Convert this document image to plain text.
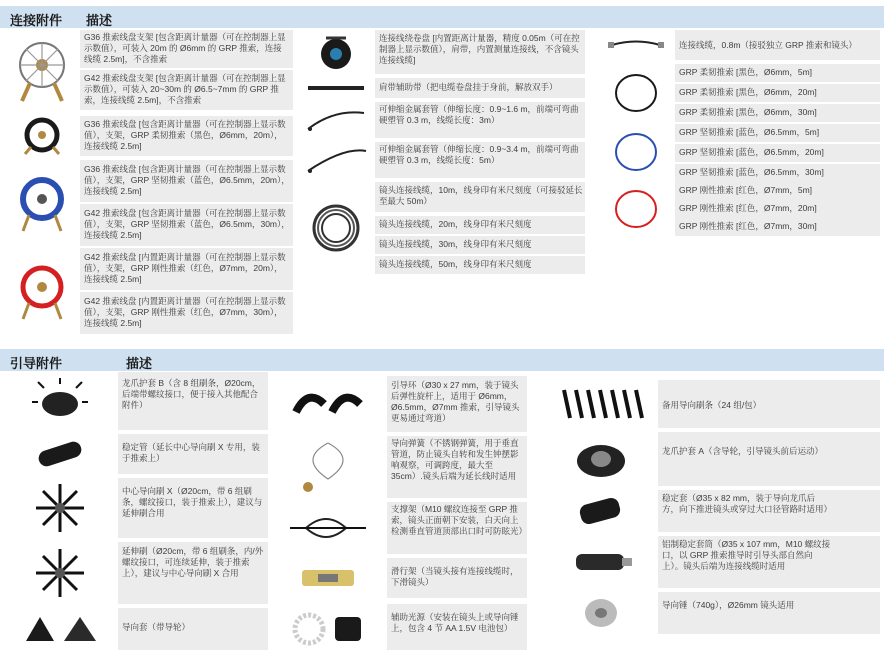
连接附件 描述
G36 推索线盘支架 [包含距离计量器（可在控制器上显示数值），可装入 20m 的 Ø6mm 的 GRP 推索，连接线缆 2.5m]，不含推索
G42 推索线盘支架 [包含距离计量器（可在控制器上显示数值），可装入 20~30m 的 Ø6.5~7mm 的 GRP 推索，连接线缆 2.5m]，不含推索
G36 推索线盘 [包含距离计量器（可在控制器上显示数值），支架，GRP 柔韧推索（黑色，Ø6mm，20m），连接线缆 2.5m]
G36 推索线盘 [包含距离计量器（可在控制器上显示数值），支架，GRP 坚韧推索（蓝色，Ø6.5mm，20m），连接线缆 2.5m]
G42 推索线盘 [包含距离计量器（可在控制器上显示数值），支架，GRP 坚韧推索（蓝色，Ø6.5mm，30m），连接线缆 2.5m]
G42 推索线盘 [内置距离计量器（可在控制器上显示数值），支架，GRP 刚性推索（红色，Ø7mm，20m），连接线缆 2.5m]
G42 推索线盘 [内置距离计量器（可在控制器上显示数值），支架，GRP 刚性推索（红色，Ø7mm，30m），连接线缆 2.5m]
连接线绕卷盘 [内置距离计量器，精度 0.05m（可在控制器上显示数值），肩带，内置测量连接线，不含镜头连接线缆]
肩带辅助带（把电缆卷盘挂于身前，解放双手）
可伸缩金属套管（伸缩长度：0.9~1.6 m，前端可弯曲硬塑管 0.3 m，线缆长度：3m）
可伸缩金属套管（伸缩长度：0.9~3.4 m，前端可弯曲硬塑管 0.3 m，线缆长度：5m）
镜头连接线缆，10m，线身印有米尺刻度（可接驳延长至最大 50m）
镜头连接线缆，20m，线身印有米尺刻度
镜头连接线缆，30m，线身印有米尺刻度
镜头连接线缆，50m，线身印有米尺刻度
连接线缆，0.8m（接驳独立 GRP 推索和镜头）
GRP 柔韧推索 [黑色，Ø6mm，5m]
GRP 柔韧推索 [黑色，Ø6mm，20m]
GRP 柔韧推索 [黑色，Ø6mm，30m]
GRP 坚韧推索 [蓝色，Ø6.5mm，5m]
GRP 坚韧推索 [蓝色，Ø6.5mm，20m]
GRP 坚韧推索 [蓝色，Ø6.5mm，30m]
GRP 刚性推索 [红色，Ø7mm，5m]
GRP 刚性推索 [红色，Ø7mm，20m]
GRP 刚性推索 [红色，Ø7mm，30m]
引导附件	描述
龙爪护套 B（含 8 组刷条，Ø20cm，后端带螺纹接口，便于接入其他配合附件）
稳定管（延长中心导向刷 X 专用，装于推索上）
中心导向刷 X（Ø20cm，带 6 组刷条，螺纹接口，装于推索上），建议与延伸刷合用
延伸刷（Ø20cm，带 6 组刷条，内/外螺纹接口，可连续延伸，装于推索上），建议与中心导向刷 X 合用
导向套（带导轮）
引导环（Ø30 x 27 mm，装于镜头后弹性旋杆上，适用于 Ø6mm，Ø6.5mm，Ø7mm 推索，引导镜头更易通过弯道）
导向弹簧（不锈钢弹簧，用于垂直管道，防止镜头自转和发生钟摆影响观察，可调跨度，最大至 35cm）.镜头后端为延长线时适用
支撑架（M10 螺纹连接至 GRP 推索，镜头正面朝下安装，白天向上检测垂直管道顶部出口时可防眩光）
滑行架（当镜头接有连接线缆时，下滑镜头）
辅助光源（安装在镜头上或导向锤上，包含 4 节 AA 1.5V 电池包）
备用导向刷条（24 组/包）
龙爪护套 A（含导轮，引导镜头前后运动）
稳定套（Ø35 x 82 mm，装于导向龙爪后方，向下推进镜头或穿过大口径管路时适用）
铝制稳定套筒（Ø35 x 107 mm，M10 螺纹接口，以 GRP 推索推导时引导头部自然向上）。镜头后端为连接线缆时适用
导向锤（740g），Ø26mm 镜头适用
